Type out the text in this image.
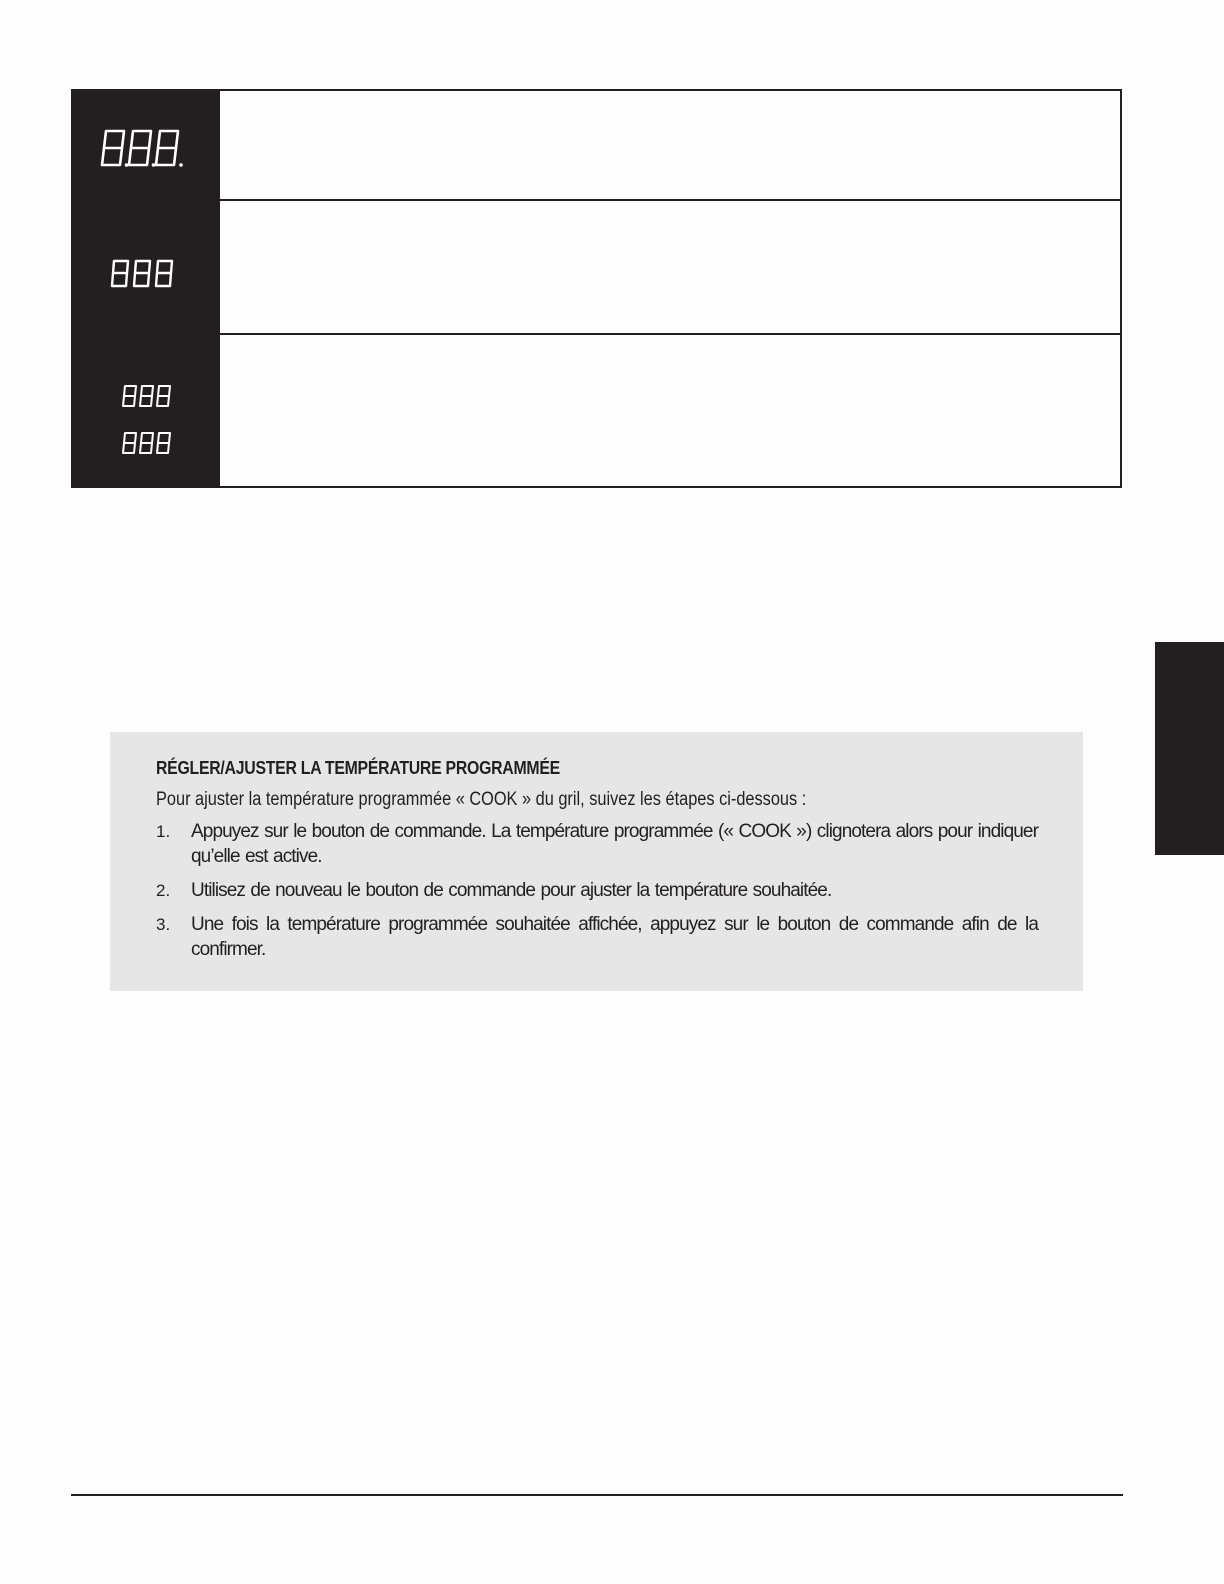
RÉGLER/AJUSTER LA TEMPÉRATURE PROGRAMMÉE
Pour ajuster la température programmée « COOK » du gril, suivez les étapes ci-dessous :
1.	Appuyez sur le bouton de commande. La température programmée (« COOK ») clignotera alors pour indiquer qu’elle est active.
2.	Utilisez de nouveau le bouton de commande pour ajuster la température souhaitée.
3.	Une fois la température programmée souhaitée affichée, appuyez sur le bouton de commande afin de la confirmer.
